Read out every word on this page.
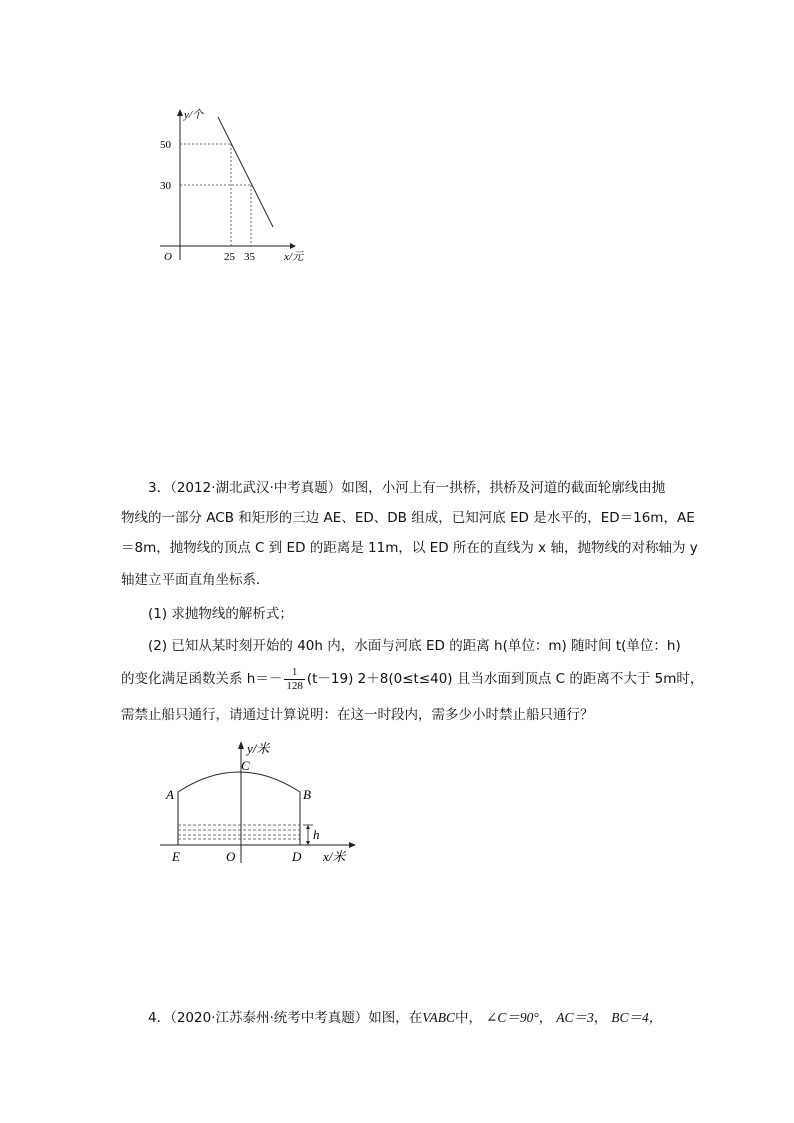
y/个
50
30
O	25 35	x/元
3．（2012·湖北武汉·中考真题）如图，小河上有一拱桥，拱桥及河道的截面轮廓线由抛
物线的一部分 ACB 和矩形的三边 AE、ED、DB 组成，已知河底 ED 是水平的，ED＝16m，AE
＝8m，抛物线的顶点 C 到 ED 的距离是 11m，以 ED 所在的直线为 x 轴，抛物线的对称轴为 y
轴建立平面直角坐标系．
(1) 求抛物线的解析式；
(2) 已知从某时刻开始的 40h 内，水面与河底 ED 的距离 h(单位：m) 随时间 t(单位：h)
的变化满足函数关系 $h=- \frac{1}{128} (t-19)$ 2＋8(0≤t≤40) 且当水面到顶点 C 的距离不大于 5m时，
需禁止船只通行，请通过计算说明：在这一时段内，需多少小时禁止船只通行？
y/米
C
A	B
h
E	O	D x/米
4．（2020·江苏泰州·统考中考真题）如图，在VABC中， ∠C＝90°， AC＝3， BC＝4，
